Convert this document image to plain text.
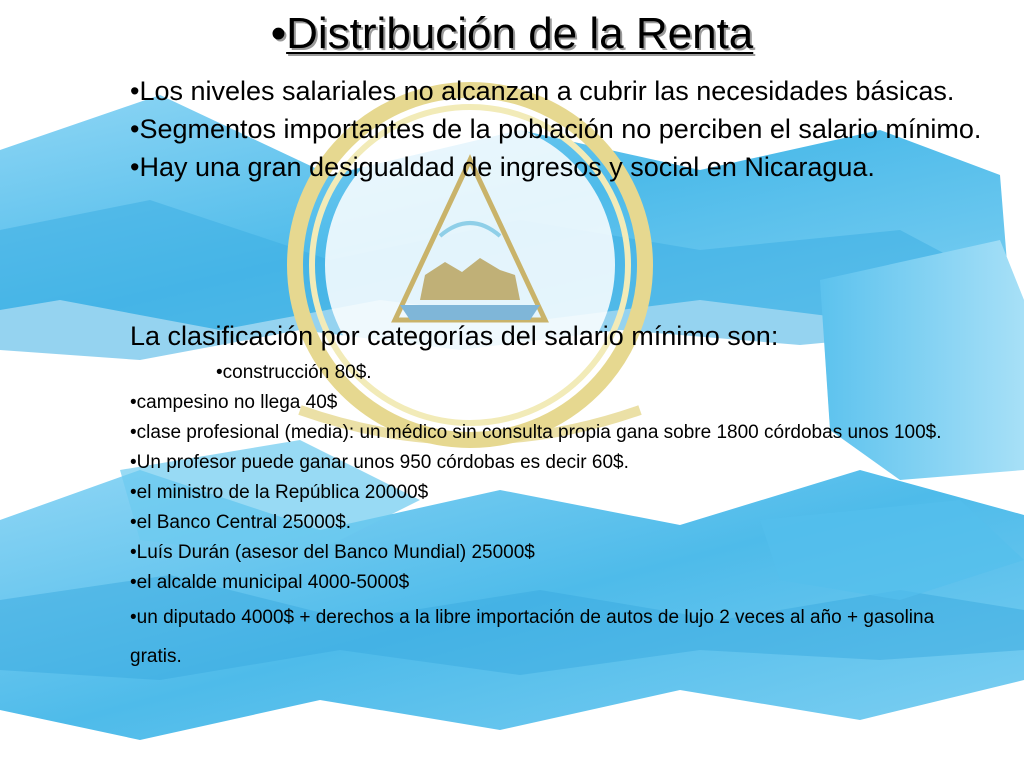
•Distribución de la Renta
•Los niveles salariales no alcanzan a cubrir las necesidades básicas.
•Segmentos importantes de la población no perciben el salario mínimo.
•Hay una gran desigualdad de ingresos y social en Nicaragua.
La clasificación por categorías del salario mínimo son:
•construcción 80$.
•campesino no llega 40$
•clase profesional (media): un médico sin consulta propia gana sobre 1800 córdobas unos 100$.
•Un profesor puede ganar unos 950 córdobas es decir 60$.
•el ministro de la República 20000$
•el Banco Central 25000$.
•Luís Durán (asesor del Banco Mundial) 25000$
•el alcalde municipal 4000-5000$
•un diputado 4000$ + derechos a la libre importación de autos de lujo 2 veces al año + gasolina gratis.
